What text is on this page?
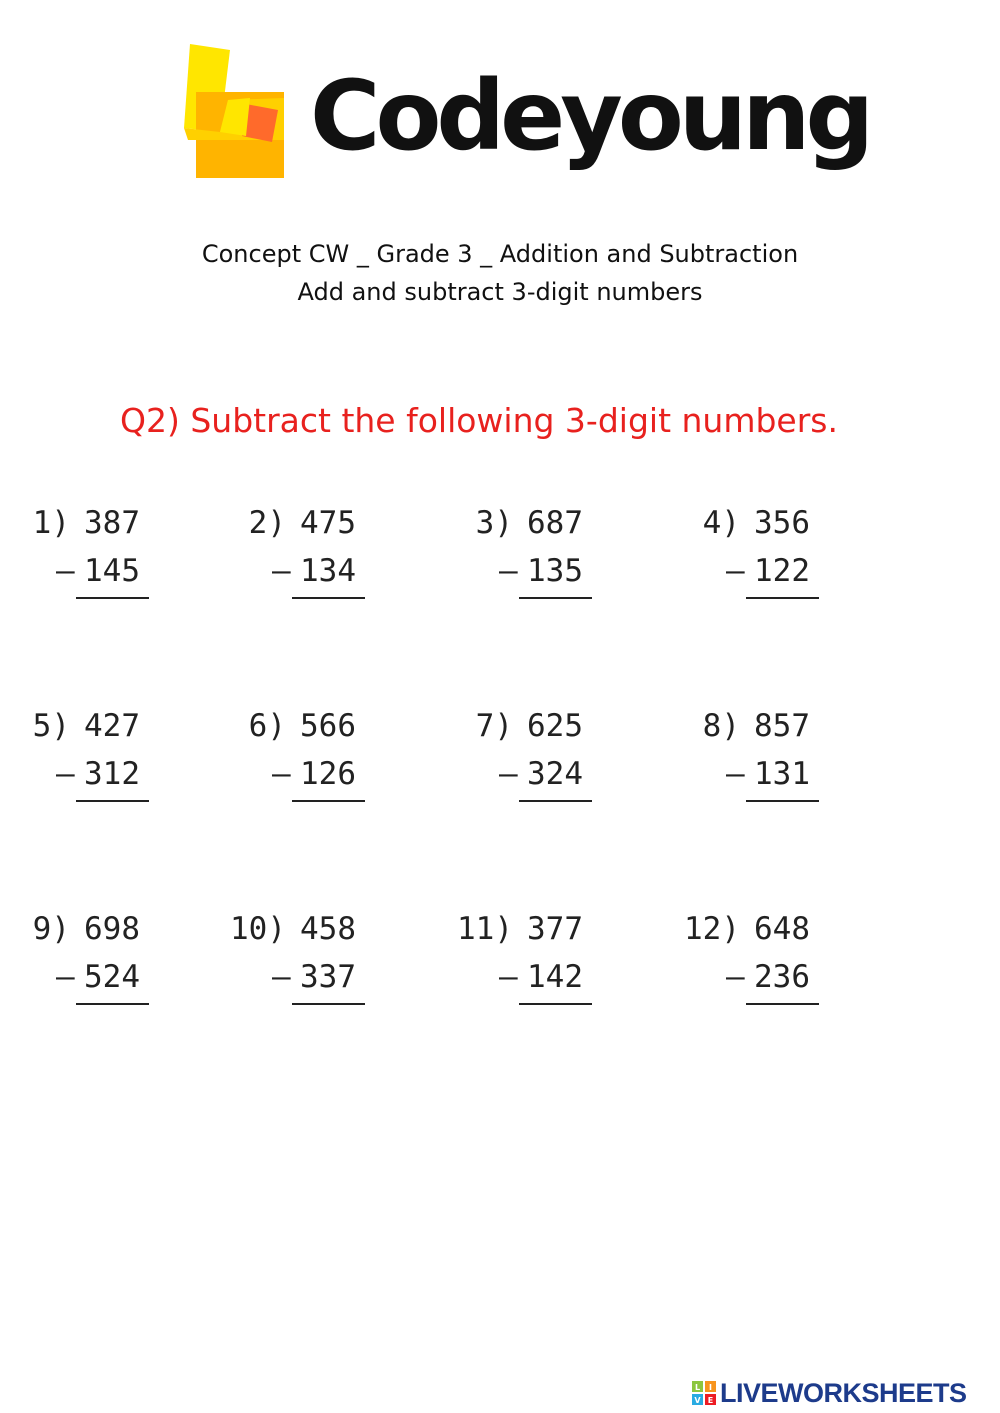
Codeyoung
Concept CW _ Grade 3 _ Addition and Subtraction
Add and subtract 3-digit numbers
Q2) Subtract the following 3-digit numbers.
1) 387
– 145
2) 475
– 134
3) 687
– 135
4) 356
– 122
5) 427
– 312
6) 566
– 126
7) 625
– 324
8) 857
– 131
9) 698
– 524
10) 458
– 337
11) 377
– 142
12) 648
– 236
L I
V E LIVEWORKSHEETS
